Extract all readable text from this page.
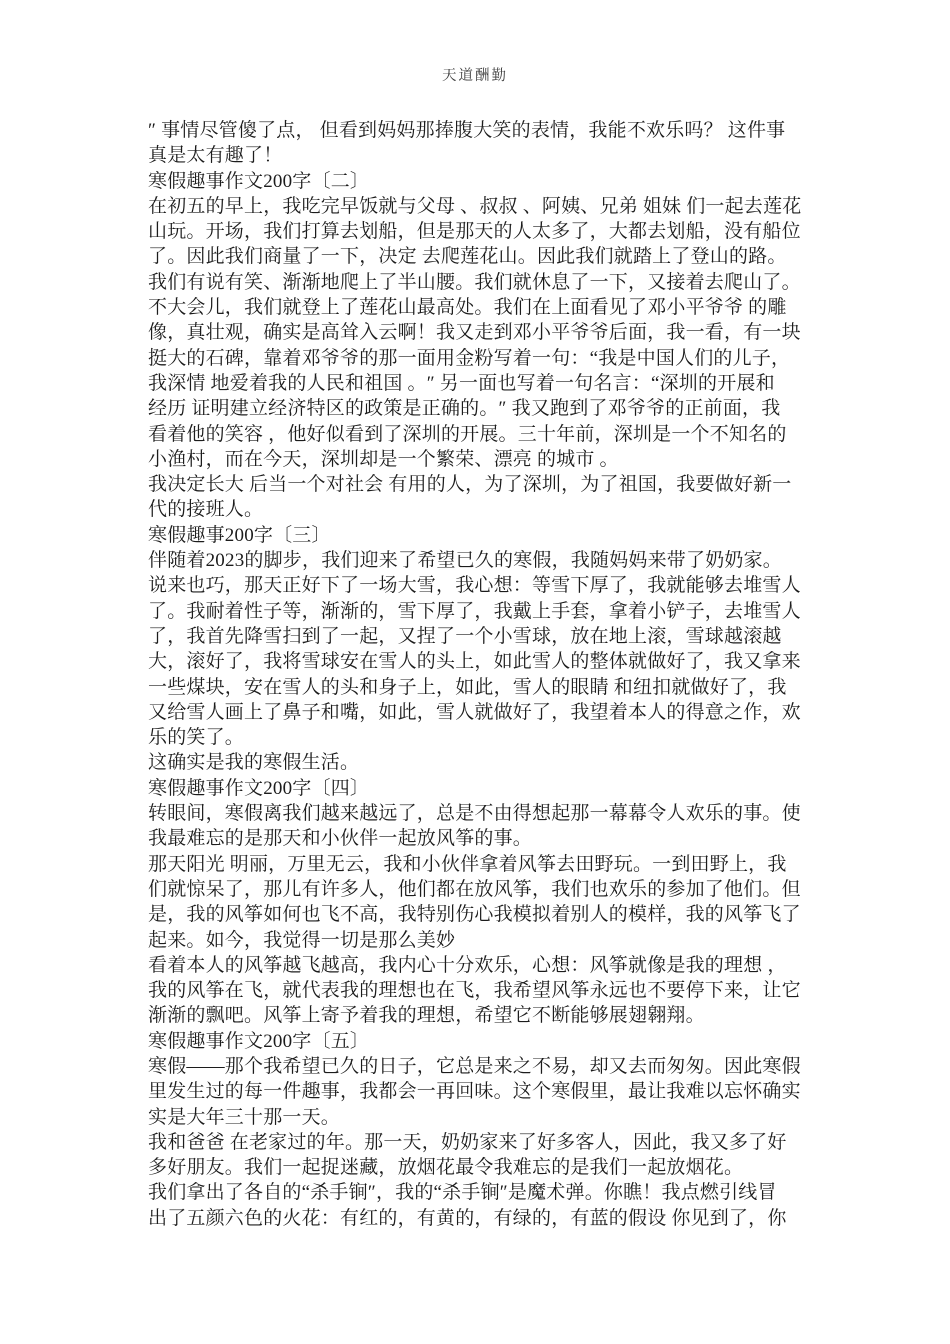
天道酬勤
″ 事情尽管傻了点， 但看到妈妈那捧腹大笑的表情，我能不欢乐吗？ 这件事
真是太有趣了！
寒假趣事作文200字〔二〕
在初五的早上，我吃完早饭就与父母 、叔叔 、阿姨、兄弟 姐妹 们一起去莲花
山玩。开场，我们打算去划船，但是那天的人太多了，大都去划船，没有船位
了。因此我们商量了一下，决定 去爬莲花山。因此我们就踏上了登山的路。
我们有说有笑、渐渐地爬上了半山腰。我们就休息了一下，又接着去爬山了。
不大会儿，我们就登上了莲花山最高处。我们在上面看见了邓小平爷爷 的雕
像，真壮观，确实是高耸入云啊！我又走到邓小平爷爷后面，我一看，有一块
挺大的石碑，靠着邓爷爷的那一面用金粉写着一句：“我是中国人们的儿子，
我深情 地爱着我的人民和祖国 。″ 另一面也写着一句名言：“深圳的开展和
经历 证明建立经济特区的政策是正确的。″ 我又跑到了邓爷爷的正前面，我
看着他的笑容 ，他好似看到了深圳的开展。三十年前，深圳是一个不知名的
小渔村，而在今天，深圳却是一个繁荣、漂亮 的城市 。
我决定长大 后当一个对社会 有用的人，为了深圳，为了祖国，我要做好新一
代的接班人。
寒假趣事200字〔三〕
伴随着2023的脚步，我们迎来了希望已久的寒假，我随妈妈来带了奶奶家。
说来也巧，那天正好下了一场大雪，我心想：等雪下厚了，我就能够去堆雪人
了。我耐着性子等，渐渐的，雪下厚了，我戴上手套，拿着小铲子，去堆雪人
了，我首先降雪扫到了一起，又捏了一个小雪球，放在地上滚，雪球越滚越
大，滚好了，我将雪球安在雪人的头上，如此雪人的整体就做好了，我又拿来
一些煤块，安在雪人的头和身子上，如此，雪人的眼睛 和纽扣就做好了，我
又给雪人画上了鼻子和嘴，如此，雪人就做好了，我望着本人的得意之作，欢
乐的笑了。
这确实是我的寒假生活。
寒假趣事作文200字〔四〕
转眼间，寒假离我们越来越远了，总是不由得想起那一幕幕令人欢乐的事。使
我最难忘的是那天和小伙伴一起放风筝的事。
那天阳光 明丽，万里无云，我和小伙伴拿着风筝去田野玩。一到田野上，我
们就惊呆了，那儿有许多人，他们都在放风筝，我们也欢乐的参加了他们。但
是，我的风筝如何也飞不高，我特别伤心我模拟着别人的模样，我的风筝飞了
起来。如今，我觉得一切是那么美妙
看着本人的风筝越飞越高，我内心十分欢乐，心想：风筝就像是我的理想 ，
我的风筝在飞，就代表我的理想也在飞，我希望风筝永远也不要停下来，让它
渐渐的飘吧。风筝上寄予着我的理想，希望它不断能够展翅翱翔。
寒假趣事作文200字〔五〕
寒假——那个我希望已久的日子，它总是来之不易，却又去而匆匆。因此寒假
里发生过的每一件趣事，我都会一再回味。这个寒假里，最让我难以忘怀确实
实是大年三十那一天。
我和爸爸 在老家过的年。那一天，奶奶家来了好多客人，因此，我又多了好
多好朋友。我们一起捉迷藏，放烟花最令我难忘的是我们一起放烟花。
我们拿出了各自的“杀手锏″，我的“杀手锏″是魔术弹。你瞧！我点燃引线冒
出了五颜六色的火花：有红的，有黄的，有绿的，有蓝的假设 你见到了，你
